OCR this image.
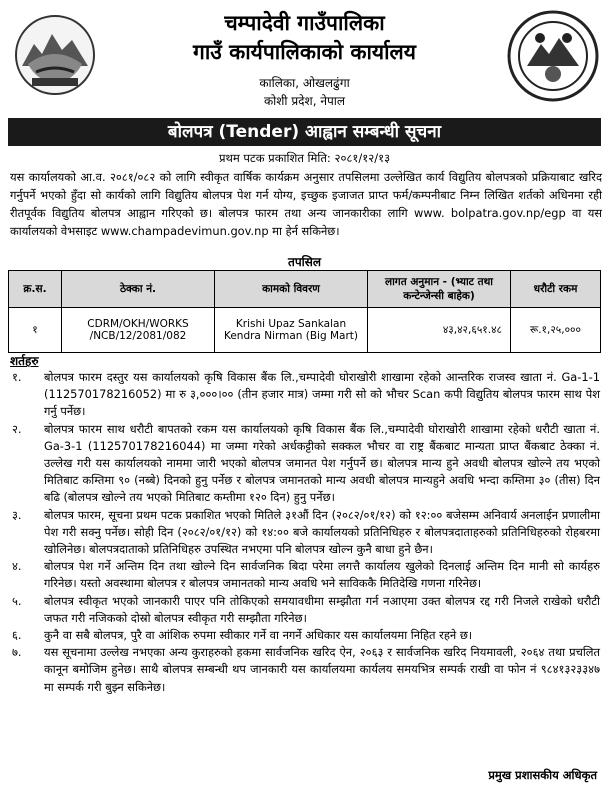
चम्पादेवी गाउँपालिका
गाउँ कार्यपालिकाको कार्यालय
कालिका, ओखलढुंगा
कोशी प्रदेश, नेपाल
बोलपत्र (Tender) आह्वान सम्बन्धी सूचना
प्रथम पटक प्रकाशित मिति: २०८१/१२/१३
यस कार्यालयको आ.व. २०८१/०८२ को लागि स्वीकृत वार्षिक कार्यक्रम अनुसार तपसिलमा उल्लेखित कार्य विद्युतिय बोलपत्रको प्रक्रियाबाट खरिद गर्नुपर्ने भएको हुँदा सो कार्यको लागि विद्युतिय बोलपत्र पेश गर्न योग्य, इच्छुक इजाजत प्राप्त फर्म/कम्पनीबाट निम्न लिखित शर्तको अधिनमा रही रीतपूर्वक विद्युतिय बोलपत्र आह्वान गरिएको छ। बोलपत्र फारम तथा अन्य जानकारीका लागि www. bolpatra.gov.np/egp वा यस कार्यालयको वेभसाइट www.champadevimun.gov.np मा हेर्न सकिनेछ।
तपसिल
क्र.स.	ठेक्का नं.	कामको विवरण	लागत अनुमान - (भ्याट तथा कन्टेन्जेन्सी बाहेक)	धरौटी रकम
१	CDRM/OKH/WORKS /NCB/12/2081/082	Krishi Upaz Sankalan Kendra Nirman (Big Mart)	४३,४२,६५१.४८	रू.१,२५,०००
शर्तहरु
१. बोलपत्र फारम दस्तुर यस कार्यालयको कृषि विकास बैंक लि.,चम्पादेवी घोराखोरी शाखामा रहेको आन्तरिक राजस्व खाता नं. Ga-1-1 (112570178216052) मा रु ३,०००।०० (तीन हजार मात्र) जम्मा गरी सो को भौचर Scan कपी विद्युतिय बोलपत्र फारम साथ पेश गर्नु पर्नेछ।
२. बोलपत्र फारम साथ धरौटी बापतको रकम यस कार्यालयको कृषि विकास बैंक लि.,चम्पादेवी घोराखोरी शाखामा रहेको धरौटी खाता नं. Ga-3-1 (112570178216044) मा जम्मा गरेको अर्धकट्टीको सक्कल भौचर वा राष्ट्र बैंकबाट मान्यता प्राप्त बैंकबाट ठेक्का नं. उल्लेख गरी यस कार्यालयको नाममा जारी भएको बोलपत्र जमानत पेश गर्नुपर्ने छ। बोलपत्र मान्य हुने अवधी बोलपत्र खोल्ने तय भएको मितिबाट कम्तिमा ९० (नब्बे) दिनको हुनु पर्नेछ र बोलपत्र जमानतको मान्य अवधी बोलपत्र मान्यहुने अवधि भन्दा कम्तिमा ३० (तीस) दिन बढि (बोलपत्र खोल्ने तय भएको मितिबाट कम्तीमा १२० दिन) हुनु पर्नेछ।
३. बोलपत्र फारम, सूचना प्रथम पटक प्रकाशित भएको मितिले ३१औं दिन (२०८२/०१/१२) को १२:०० बजेसम्म अनिवार्य अनलाईन प्रणालीमा पेश गरी सक्नु पर्नेछ। सोही दिन (२०८२/०१/१२) को १४:०० बजे कार्यालयको प्रतिनिधिहरु र बोलपत्रदाताहरुको प्रतिनिधिहरुको रोहबरमा खोलिनेछ। बोलपत्रदाताको प्रतिनिधिहरु उपस्थित नभएमा पनि बोलपत्र खोल्न कुनै बाधा हुने छैन।
४. बोलपत्र पेश गर्ने अन्तिम दिन तथा खोल्ने दिन सार्वजनिक बिदा परेमा लगत्तै कार्यालय खुलेको दिनलाई अन्तिम दिन मानी सो कार्यहरु गरिनेछ। यस्तो अवस्थामा बोलपत्र र बोलपत्र जमानतको मान्य अवधि भने साविककै मितिदेखि गणना गरिनेछ।
५. बोलपत्र स्वीकृत भएको जानकारी पाएर पनि तोकिएको समयावधीमा सम्झौता गर्न नआएमा उक्त बोलपत्र रद्द गरी निजले राखेको धरौटी जफत गरी नजिकको दोस्रो बोलपत्र स्वीकृत गरी सम्झौता गरिनेछ।
६. कुनै वा सबै बोलपत्र, पुरै वा आंशिक रुपमा स्वीकार गर्ने वा नगर्ने अधिकार यस कार्यालयमा निहित रहने छ।
७. यस सूचनामा उल्लेख नभएका अन्य कुराहरुको हकमा सार्वजनिक खरिद ऐन, २०६३ र सार्वजनिक खरिद नियमावली, २०६४ तथा प्रचलित कानून बमोजिम हुनेछ। साथै बोलपत्र सम्बन्धी थप जानकारी यस कार्यालयमा कार्यलय समयभित्र सम्पर्क राखी वा फोन नं ९८४१३२३३४७ मा सम्पर्क गरी बुझ्न सकिनेछ।
प्रमुख प्रशासकीय अधिकृत
